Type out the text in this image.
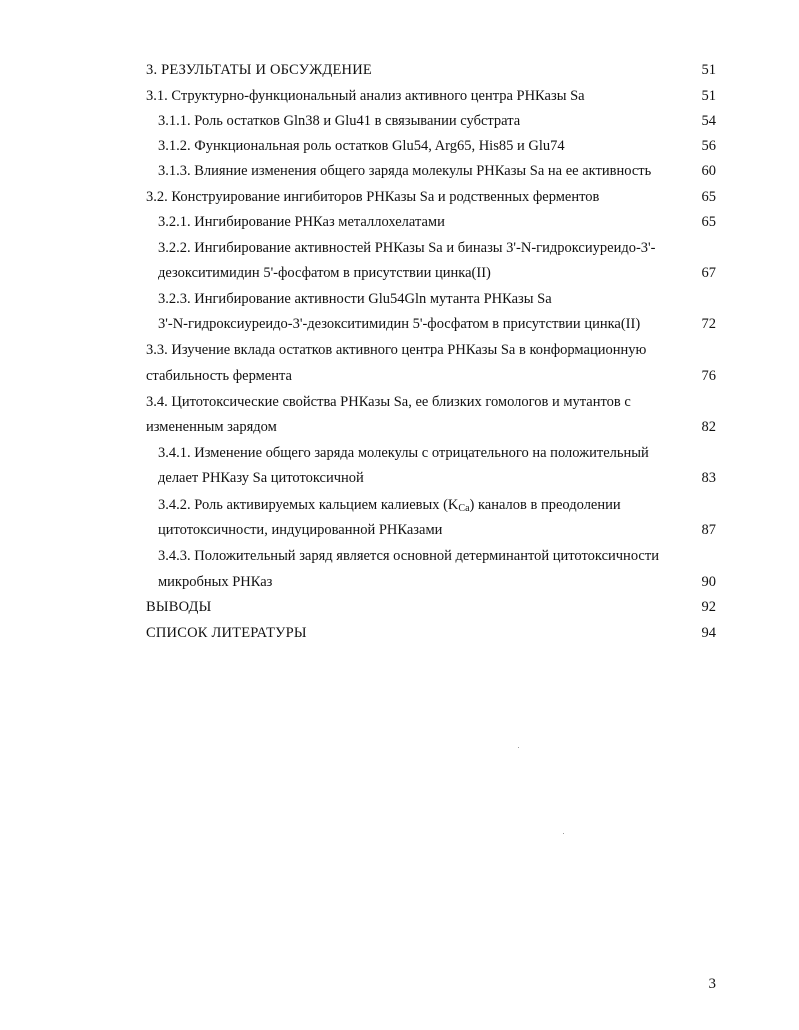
3. РЕЗУЛЬТАТЫ И ОБСУЖДЕНИЕ	51
3.1. Структурно-функциональный анализ активного центра РНКазы Sa	51
3.1.1. Роль остатков Gln38 и Glu41 в связывании субстрата	54
3.1.2. Функциональная роль остатков Glu54, Arg65, His85 и Glu74	56
3.1.3. Влияние изменения общего заряда молекулы РНКазы Sa на ее активность	60
3.2. Конструирование ингибиторов РНКазы Sa и родственных ферментов	65
3.2.1. Ингибирование РНКаз металлохелатами	65
3.2.2. Ингибирование активностей РНКазы Sa и биназы 3'-N-гидроксиуреидо-3'-
дезокситимидин 5'-фосфатом в присутствии цинка(II)	67
3.2.3. Ингибирование активности Glu54Gln мутанта РНКазы Sa
3'-N-гидроксиуреидо-3'-дезокситимидин 5'-фосфатом в присутствии цинка(II)	72
3.3. Изучение вклада остатков активного центра РНКазы Sa в конформационную
стабильность фермента	76
3.4. Цитотоксические свойства РНКазы Sa, ее близких гомологов и мутантов с
измененным зарядом	82
3.4.1. Изменение общего заряда молекулы с отрицательного на положительный
делает РНКазу Sa цитотоксичной	83
3.4.2. Роль активируемых кальцием калиевых $(K_{Ca})$ каналов в преодолении
цитотоксичности, индуцированной РНКазами	87
3.4.3. Положительный заряд является основной детерминантой цитотоксичности
микробных РНКаз	90
ВЫВОДЫ	92
СПИСОК ЛИТЕРАТУРЫ	94
3
